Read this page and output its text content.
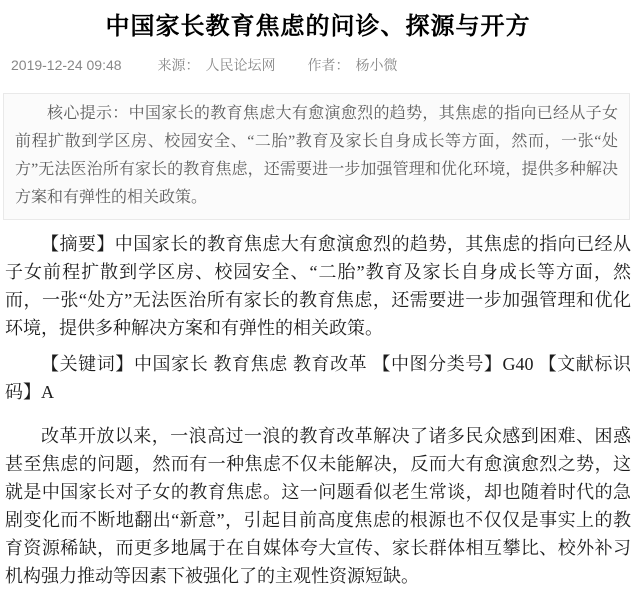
中国家长教育焦虑的问诊、探源与开方
2019-12-24 09:48	来源： 人民论坛网 作者： 杨小微
核心提示：中国家长的教育焦虑大有愈演愈烈的趋势，其焦虑的指向已经从子女前程扩散到学区房、校园安全、“二胎”教育及家长自身成长等方面，然而，一张“处方”无法医治所有家长的教育焦虑，还需要进一步加强管理和优化环境，提供多种解决方案和有弹性的相关政策。

【摘要】中国家长的教育焦虑大有愈演愈烈的趋势，其焦虑的指向已经从子女前程扩散到学区房、校园安全、“二胎”教育及家长自身成长等方面，然而，一张“处方”无法医治所有家长的教育焦虑，还需要进一步加强管理和优化环境，提供多种解决方案和有弹性的相关政策。

【关键词】中国家长 教育焦虑 教育改革 【中图分类号】G40 【文献标识码】A

改革开放以来，一浪高过一浪的教育改革解决了诸多民众感到困难、困惑甚至焦虑的问题，然而有一种焦虑不仅未能解决，反而大有愈演愈烈之势，这就是中国家长对子女的教育焦虑。这一问题看似老生常谈，却也随着时代的急剧变化而不断地翻出“新意”，引起目前高度焦虑的根源也不仅仅是事实上的教育资源稀缺，而更多地属于在自媒体夸大宣传、家长群体相互攀比、校外补习机构强力推动等因素下被强化了的主观性资源短缺。
